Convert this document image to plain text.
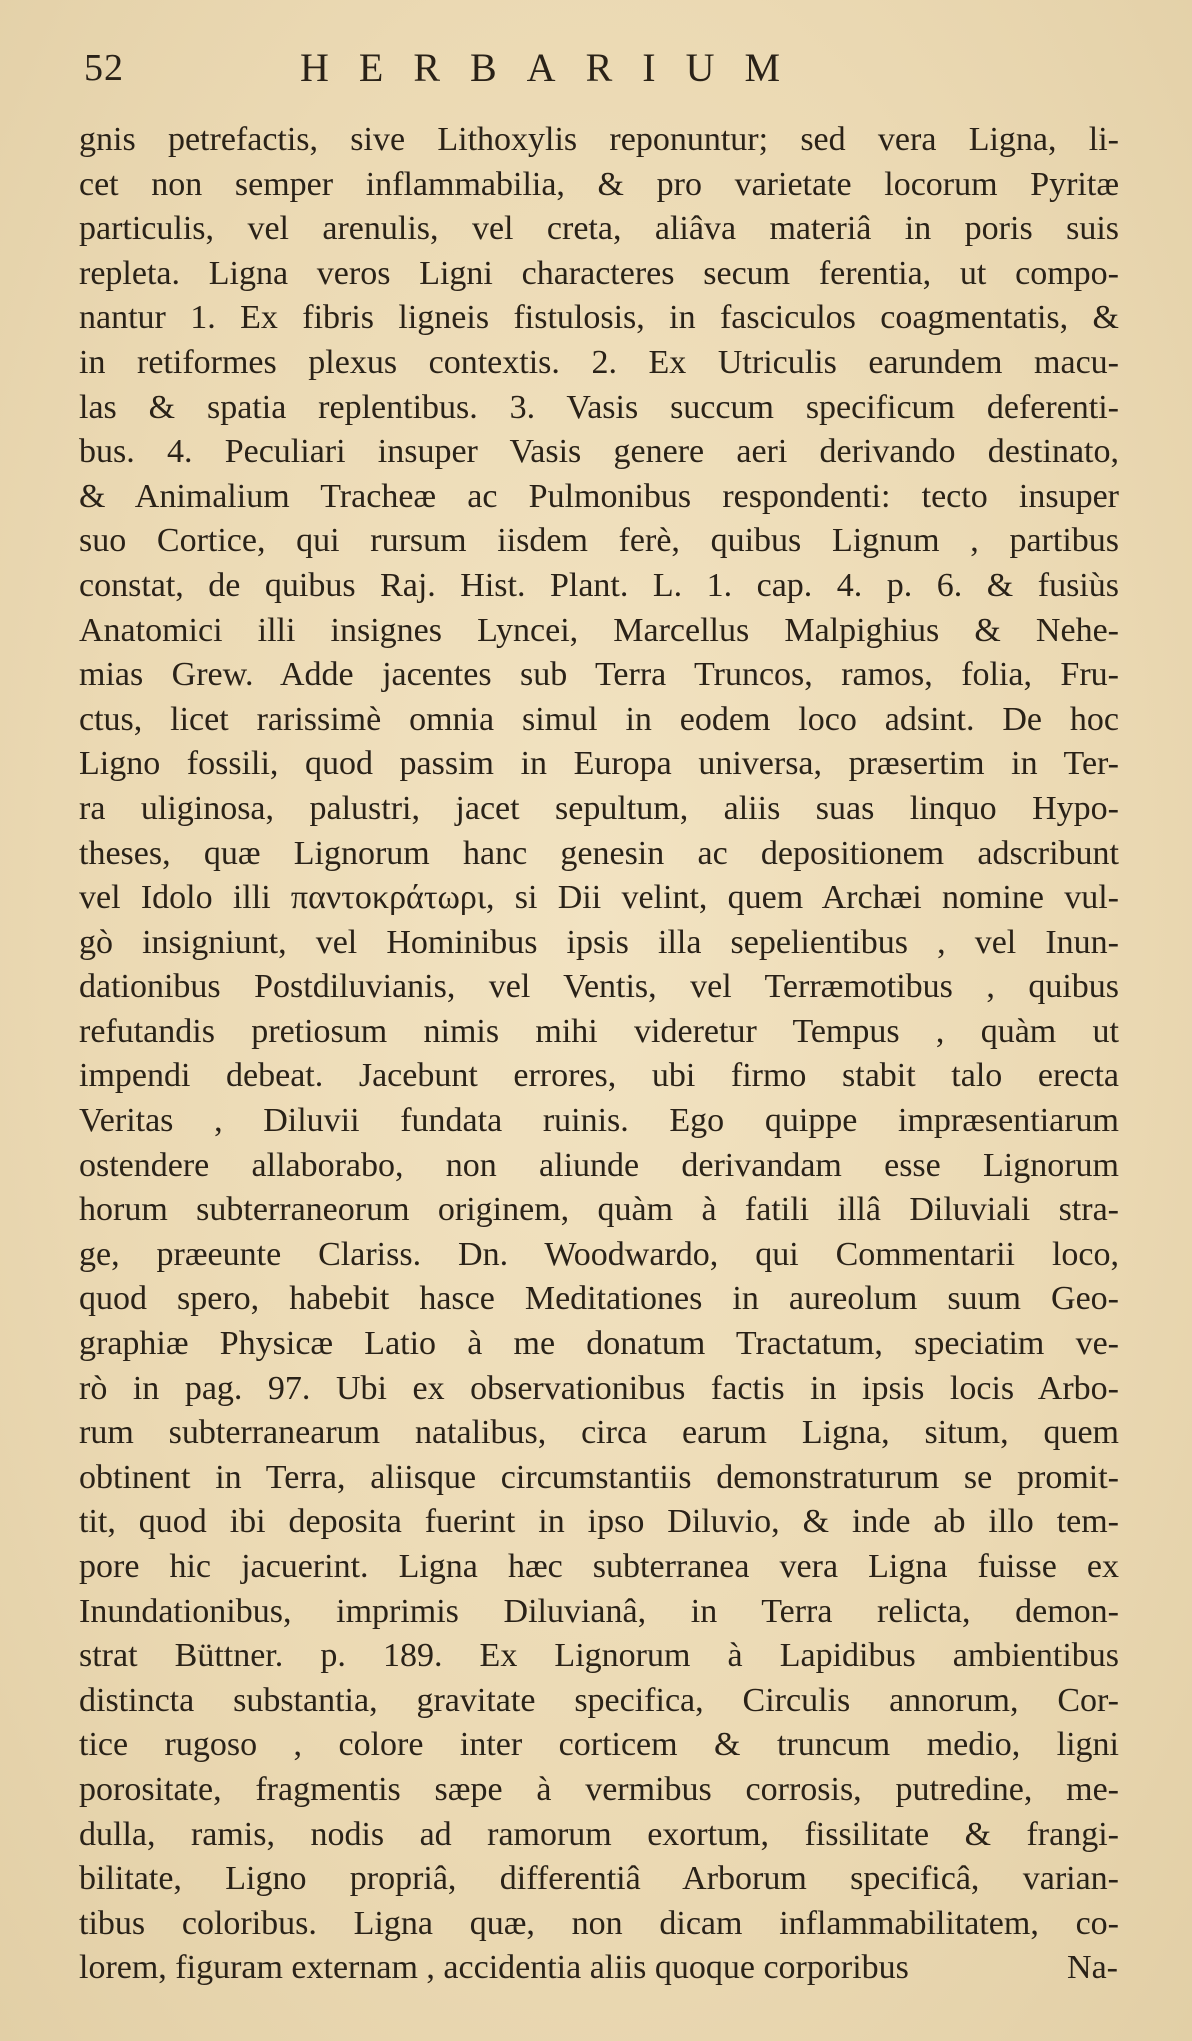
52	HERBARIUM
gnis petrefactis, sive Lithoxylis reponuntur; sed vera Ligna, li-
cet non semper inflammabilia, & pro varietate locorum Pyritæ
particulis, vel arenulis, vel creta, aliâva materiâ in poris suis
repleta. Ligna veros Ligni characteres secum ferentia, ut compo-
nantur 1. Ex fibris ligneis fistulosis, in fasciculos coagmentatis, &
in retiformes plexus contextis. 2. Ex Utriculis earundem macu-
las & spatia replentibus. 3. Vasis succum specificum deferenti-
bus. 4. Peculiari insuper Vasis genere aeri derivando destinato,
& Animalium Tracheæ ac Pulmonibus respondenti: tecto insuper
suo Cortice, qui rursum iisdem ferè, quibus Lignum , partibus
constat, de quibus Raj. Hist. Plant. L. 1. cap. 4. p. 6. & fusiùs
Anatomici illi insignes Lyncei, Marcellus Malpighius & Nehe-
mias Grew. Adde jacentes sub Terra Truncos, ramos, folia, Fru-
ctus, licet rarissimè omnia simul in eodem loco adsint. De hoc
Ligno fossili, quod passim in Europa universa, præsertim in Ter-
ra uliginosa, palustri, jacet sepultum, aliis suas linquo Hypo-
theses, quæ Lignorum hanc genesin ac depositionem adscribunt
vel Idolo illi παντοκράτωρι, si Dii velint, quem Archæi nomine vul-
gò insigniunt, vel Hominibus ipsis illa sepelientibus , vel Inun-
dationibus Postdiluvianis, vel Ventis, vel Terræmotibus , quibus
refutandis pretiosum nimis mihi videretur Tempus , quàm ut
impendi debeat. Jacebunt errores, ubi firmo stabit talo erecta
Veritas , Diluvii fundata ruinis. Ego quippe impræsentiarum
ostendere allaborabo, non aliunde derivandam esse Lignorum
horum subterraneorum originem, quàm à fatili illâ Diluviali stra-
ge, præeunte Clariss. Dn. Woodwardo, qui Commentarii loco,
quod spero, habebit hasce Meditationes in aureolum suum Geo-
graphiæ Physicæ Latio à me donatum Tractatum, speciatim ve-
rò in pag. 97. Ubi ex observationibus factis in ipsis locis Arbo-
rum subterranearum natalibus, circa earum Ligna, situm, quem
obtinent in Terra, aliisque circumstantiis demonstraturum se promit-
tit, quod ibi deposita fuerint in ipso Diluvio, & inde ab illo tem-
pore hic jacuerint. Ligna hæc subterranea vera Ligna fuisse ex
Inundationibus, imprimis Diluvianâ, in Terra relicta, demon-
strat Büttner. p. 189. Ex Lignorum à Lapidibus ambientibus
distincta substantia, gravitate specifica, Circulis annorum, Cor-
tice rugoso , colore inter corticem & truncum medio, ligni
porositate, fragmentis sæpe à vermibus corrosis, putredine, me-
dulla, ramis, nodis ad ramorum exortum, fissilitate & frangi-
bilitate, Ligno propriâ, differentiâ Arborum specificâ, varian-
tibus coloribus. Ligna quæ, non dicam inflammabilitatem, co-
lorem, figuram externam , accidentia aliis quoque corporibus	Na-
